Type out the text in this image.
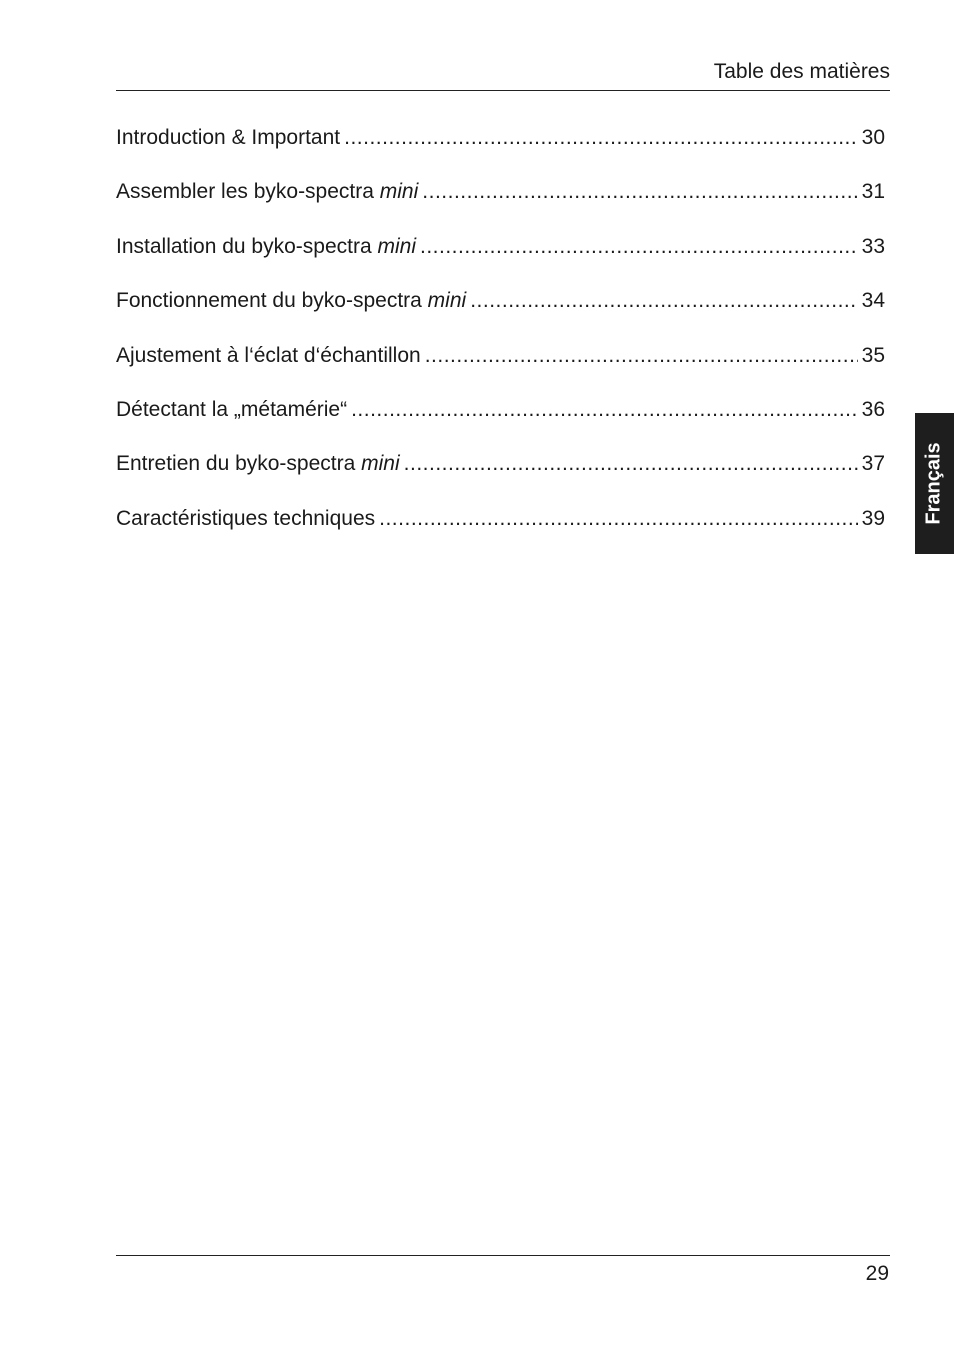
Table des matières
Introduction & Important .....	30
Assembler les byko-spectra mini .....	31
Installation du byko-spectra mini .....	33
Fonctionnement du byko-spectra mini .....	34
Ajustement à l‘éclat d‘échantillon .....	35
Détectant la „métamérie“ .....	36
Entretien du byko-spectra mini .....	37
Caractéristiques techniques .....	39 Français
29
